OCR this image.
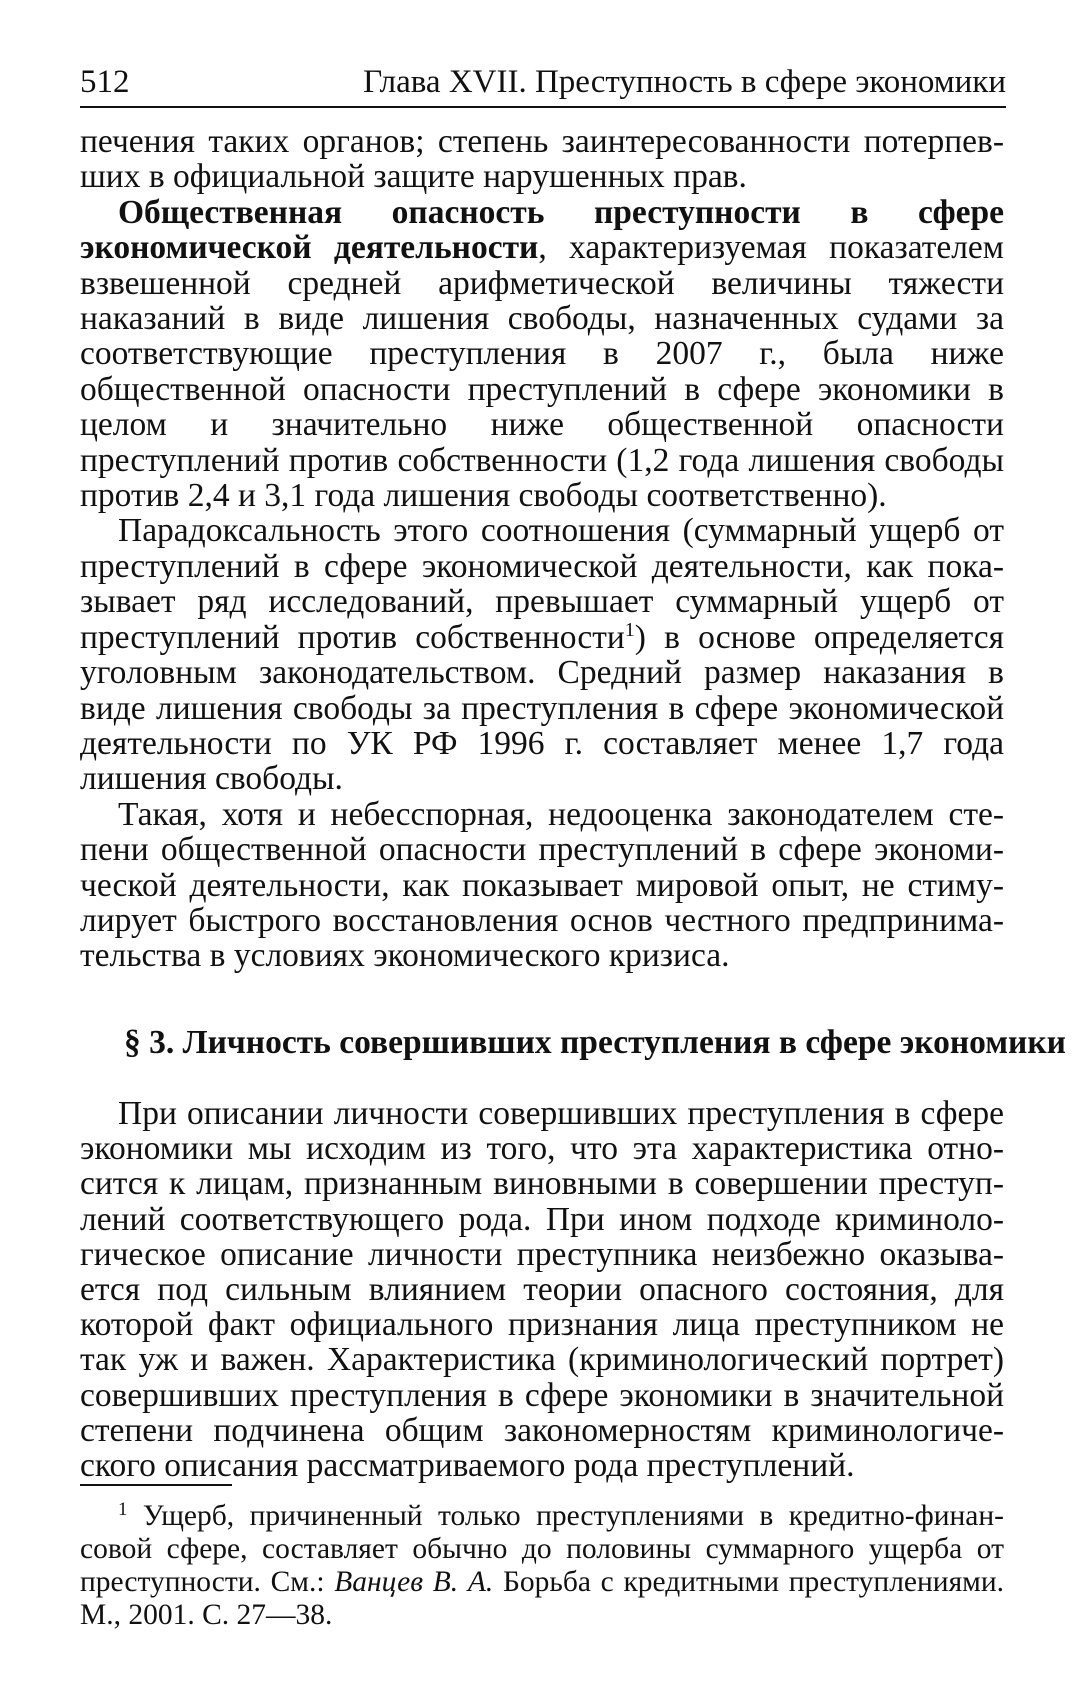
512	Глава XVII. Преступность в сфере экономики

печения таких органов; степень заинтересованности потерпевших в официальной защите нарушенных прав.

Общественная опасность преступности в сфере экономической деятельности, характеризуемая показателем взвешенной средней арифметической величины тяжести наказаний в виде лишения свободы, назначенных судами за соответствующие преступления в 2007 г., была ниже общественной опасности преступлений в сфере экономики в целом и значительно ниже общественной опасности преступлений против собственности (1,2 года лишения свободы против 2,4 и 3,1 года лишения свободы соответственно).

Парадоксальность этого соотношения (суммарный ущерб от преступлений в сфере экономической деятельности, как показывает ряд исследований, превышает суммарный ущерб от преступлений против собственности$^1$) в основе определяется уголовным законодательством. Средний размер наказания в виде лишения свободы за преступления в сфере экономической деятельности по УК РФ 1996 г. составляет менее 1,7 года лишения свободы.

Такая, хотя и небесспорная, недооценка законодателем степени общественной опасности преступлений в сфере экономической деятельности, как показывает мировой опыт, не стимулирует быстрого восстановления основ честного предпринимательства в условиях экономического кризиса.

§ 3. Личность совершивших преступления в сфере экономики

При описании личности совершивших преступления в сфере экономики мы исходим из того, что эта характеристика относится к лицам, признанным виновными в совершении преступлений соответствующего рода. При ином подходе криминологическое описание личности преступника неизбежно оказывается под сильным влиянием теории опасного состояния, для которой факт официального признания лица преступником не так уж и важен. Характеристика (криминологический портрет) совершивших преступления в сфере экономики в значительной степени подчинена общим закономерностям криминологического описания рассматриваемого рода преступлений.

$^1$ Ущерб, причиненный только преступлениями в кредитно-финансовой сфере, составляет обычно до половины суммарного ущерба от преступности. См.: Ванцев В. А. Борьба с кредитными преступлениями. М., 2001. С. 27—38.
